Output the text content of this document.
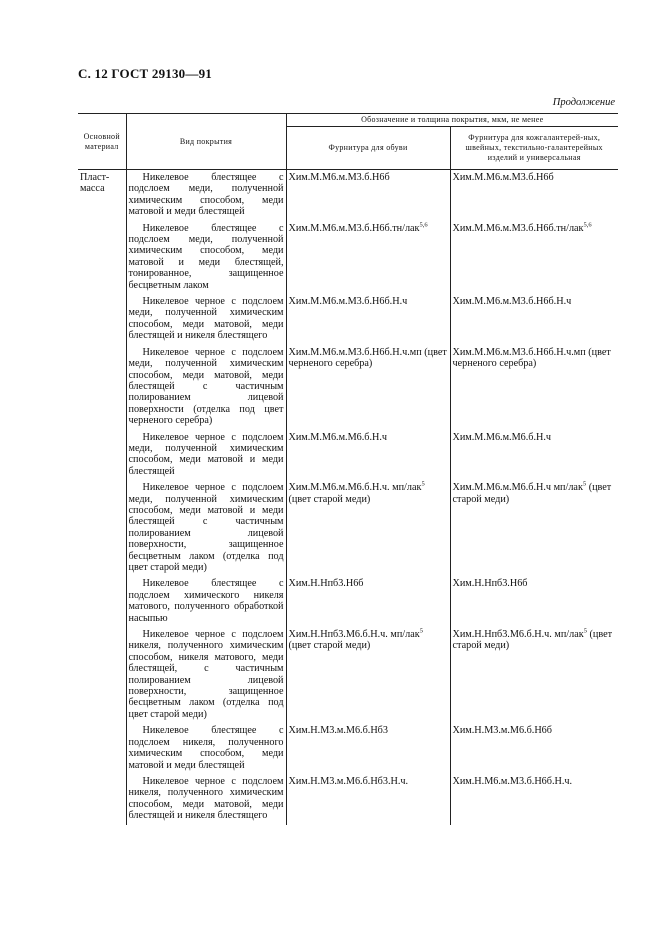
С. 12 ГОСТ 29130—91
Продолжение
Основной материал	Вид покрытия	Обозначение и толщина покрытия, мкм, не менее	
		Фурнитура для обуви	Фурнитура для кожгалантерей-ных, швейных, текстильно-галантерейных изделий и универсальная
Пласт-масса	Никелевое блестящее с подслоем меди, полученной химическим способом, меди матовой и меди блестящей	Хим.М.М6.м.М3.б.Н6б	Хим.М.М6.м.М3.б.Н6б
	Никелевое блестящее с подслоем меди, полученной химическим способом, меди матовой и меди блестящей, тонированное, защищенное бесцветным лаком	Хим.М.М6.м.М3.б.Н6б.тн/лак$^{5,6}$	Хим.М.М6.м.М3.б.Н6б.тн/лак$^{5,6}$
	Никелевое черное с подслоем меди, полученной химическим способом, меди матовой, меди блестящей и никеля блестящего	Хим.М.М6.м.М3.б.Н6б.Н.ч	Хим.М.М6.м.М3.б.Н6б.Н.ч
	Никелевое черное с подслоем меди, полученной химическим способом, меди матовой, меди блестящей с частичным полированием лицевой поверхности (отделка под цвет черненого серебра)	Хим.М.М6.м.М3.б.Н6б.Н.ч.мп (цвет черненого серебра)	Хим.М.М6.м.М3.б.Н6б.Н.ч.мп (цвет черненого серебра)
	Никелевое черное с подслоем меди, полученной химическим способом, меди матовой и меди блестящей	Хим.М.М6.м.М6.б.Н.ч	Хим.М.М6.м.М6.б.Н.ч
	Никелевое черное с подслоем меди, полученной химическим способом, меди матовой и меди блестящей с частичным полированием лицевой поверхности, защищенное бесцветным лаком (отделка под цвет старой меди)	Хим.М.М6.м.М6.б.Н.ч. мп/лак$^5$ (цвет старой меди)	Хим.М.М6.м.М6.б.Н.ч мп/лак$^5$ (цвет старой меди)
	Никелевое блестящее с подслоем химического никеля матового, полученного обработкой насыпью	Хим.Н.Нпб3.Н6б	Хим.Н.Нпб3.Н6б
	Никелевое черное с подслоем никеля, полученного химическим способом, никеля матового, меди блестящей, с частичным полированием лицевой поверхности, защищенное бесцветным лаком (отделка под цвет старой меди)	Хим.Н.Нпб3.М6.б.Н.ч. мп/лак$^5$ (цвет старой меди)	Хим.Н.Нпб3.М6.б.Н.ч. мп/лак$^5$ (цвет старой меди)
	Никелевое блестящее с подслоем никеля, полученного химическим способом, меди матовой и меди блестящей	Хим.Н.М3.м.М6.б.Нб3	Хим.Н.М3.м.М6.б.Н6б
	Никелевое черное с подслоем никеля, полученного химическим способом, меди матовой, меди блестящей и никеля блестящего	Хим.Н.М3.м.М6.б.Нб3.Н.ч.	Хим.Н.М6.м.М3.б.Н6б.Н.ч.
